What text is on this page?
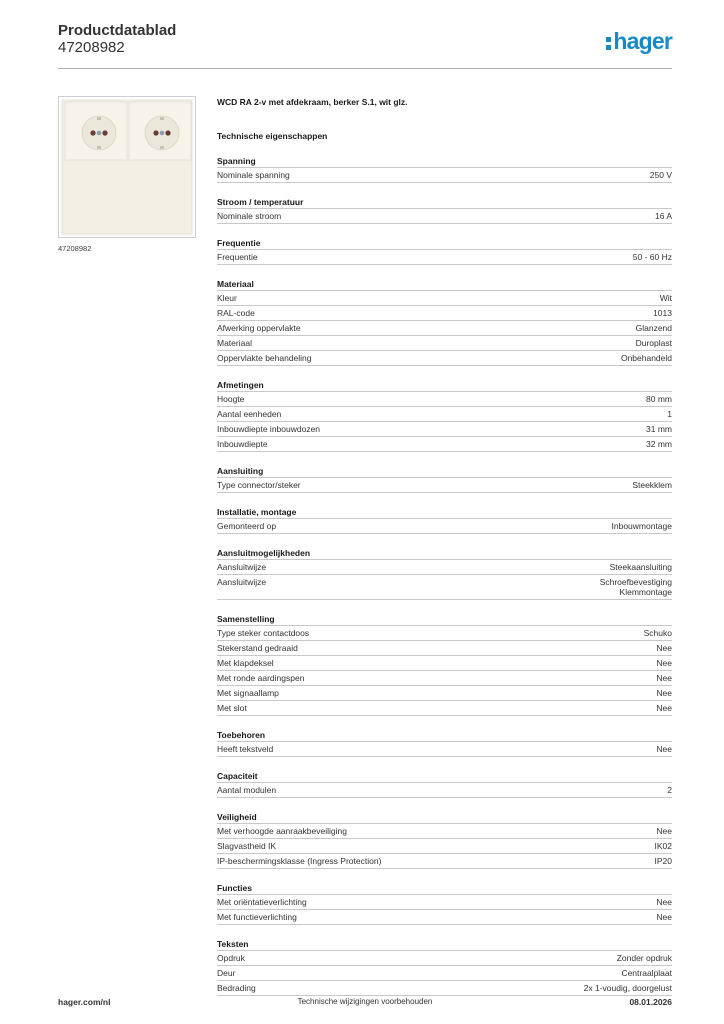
Productdatablad
47208982	hager
47208982
WCD RA 2-v met afdekraam, berker S.1, wit glz.
Technische eigenschappen
Spanning
Nominale spanning	250 V
Stroom / temperatuur
Nominale stroom	16 A
Frequentie
Frequentie	50 - 60 Hz
Materiaal
Kleur	Wit
RAL-code	1013
Afwerking oppervlakte	Glanzend
Materiaal	Duroplast
Oppervlakte behandeling	Onbehandeld
Afmetingen
Hoogte	80 mm
Aantal eenheden	1
Inbouwdiepte inbouwdozen	31 mm
Inbouwdiepte	32 mm
Aansluiting
Type connector/steker	Steekklem
Installatie, montage
Gemonteerd op	Inbouwmontage
Aansluitmogelijkheden
Aansluitwijze	Steekaansluiting
Aansluitwijze	Schroefbevestiging
Klemmontage
Samenstelling
Type steker contactdoos	Schuko
Stekerstand gedraaid	Nee
Met klapdeksel	Nee
Met ronde aardingspen	Nee
Met signaallamp	Nee
Met slot	Nee
Toebehoren
Heeft tekstveld	Nee
Capaciteit
Aantal modulen	2
Veiligheid
Met verhoogde aanraakbeveiliging	Nee
Slagvastheid IK	IK02
IP-beschermingsklasse (Ingress Protection)	IP20
Functies
Met oriëntatieverlichting	Nee
Met functieverlichting	Nee
Teksten
Opdruk	Zonder opdruk
Deur	Centraalplaat
Bedrading	2x 1-voudig, doorgelust
hager.com/nl	Technische wijzigingen voorbehouden	08.01.2026
